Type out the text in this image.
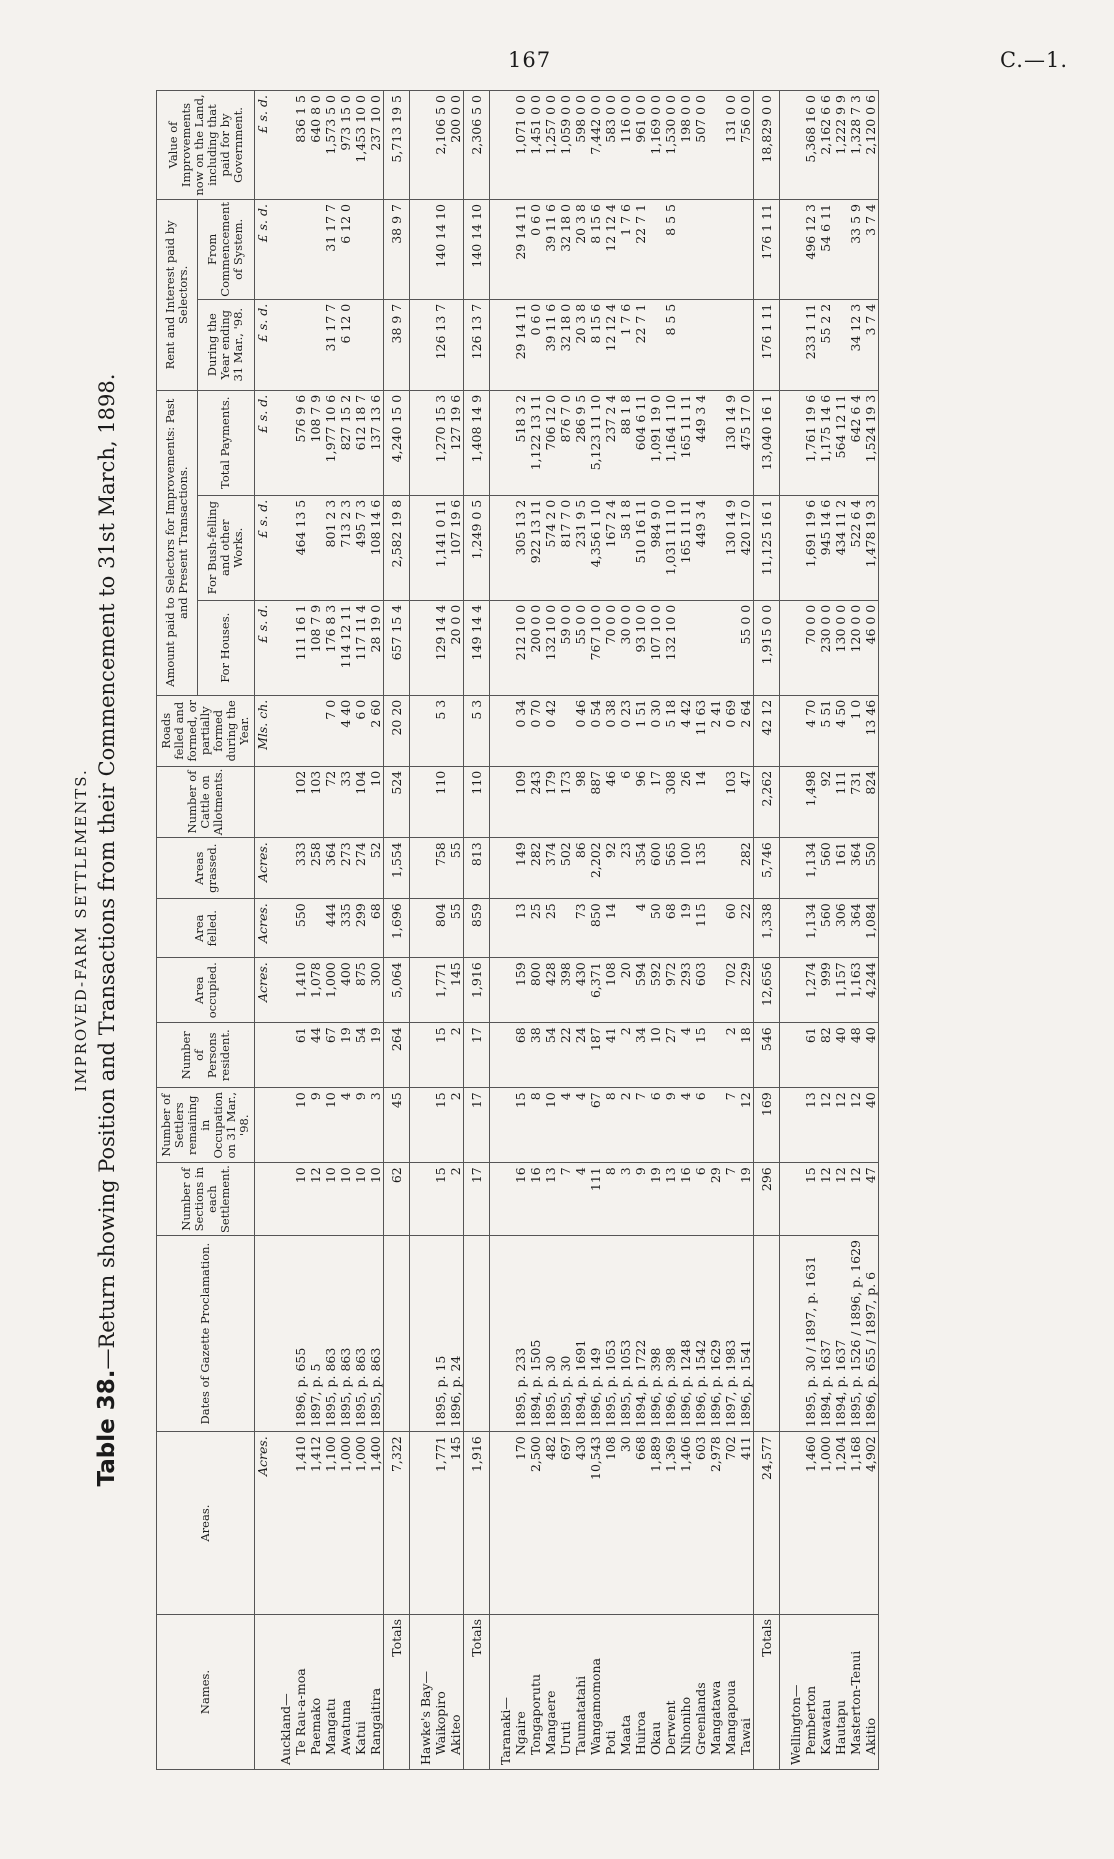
167	C.—1.
IMPROVED-FARM SETTLEMENTS.
Table 38.—Return showing Position and Transactions from their Commencement to 31st March, 1898.
Names.	Areas.	Dates of Gazette Proclamation.	Number of Sections in each Settlement.	Number of Settlers remaining in Occupation on 31 Mar., '98.	Number of Persons resident.	Area occupied.	Area felled.	Areas grassed.	Number of Cattle on Allotments.	Roads felled and formed, or partially formed during the Year.	Amount paid to Selectors for Improvements: Past and Present Transactions.			Rent and Interest paid by Selectors.		Value of Improvements now on the Land, including that paid for by Government.
											For Houses.	For Bush-felling and other Works.	Total Payments.	During the Year ending 31 Mar., '98.	From Commencement of System.	
	Acres.					Acres.	Acres.	Acres.		Mls. ch.	£ s. d.	£ s. d.	£ s. d.	£ s. d.	£ s. d.	£ s. d.
Auckland—																
Te Rau-a-moa	1,410	1896, p. 655	10	10	61	1,410	550	333	102		111 16 1	464 13 5	576 9 6			836 1 5
Paemako	1,412	1897, p. 5	12	9	44	1,078		258	103		108 7 9		108 7 9			640 8 0
Mangatu	1,100	1895, p. 863	10	10	67	1,000	444	364	72	7 0	176 8 3	801 2 3	1,977 10 6	31 17 7	31 17 7	1,573 5 0
Awatuna	1,000	1895, p. 863	10	4	19	400	335	273	33	4 40	114 12 11	713 2 3	827 15 2	6 12 0	6 12 0	973 15 0
Katui	1,000	1895, p. 863	10	9	54	875	299	274	104	6 0	117 11 4	495 7 3	612 18 7			1,453 10 0
Rangaitira	1,400	1895, p. 863	10	3	19	300	68	52	10	2 60	28 19 0	108 14 6	137 13 6			237 10 0
Totals	7,322		62	45	264	5,064	1,696	1,554	524	20 20	657 15 4	2,582 19 8	4,240 15 0	38 9 7	38 9 7	5,713 19 5
Hawke's Bay—																
Waikopiro	1,771	1895, p. 15	15	15	15	1,771	804	758	110	5 3	129 14 4	1,141 0 11	1,270 15 3	126 13 7	140 14 10	2,106 5 0
Akiteo	145	1896, p. 24	2	2	2	145	55	55			20 0 0	107 19 6	127 19 6			200 0 0
Totals	1,916		17	17	17	1,916	859	813	110	5 3	149 14 4	1,249 0 5	1,408 14 9	126 13 7	140 14 10	2,306 5 0
Taranaki—																
Ngaire	170	1895, p. 233	16	15	68	159	13	149	109	0 34	212 10 0	305 13 2	518 3 2	29 14 11	29 14 11	1,071 0 0
Tongaporutu	2,500	1894, p. 1505	16	8	38	800	25	282	243	0 70	200 0 0	922 13 11	1,122 13 11	0 6 0	0 6 0	1,451 0 0
Mangaere	482	1895, p. 30	13	10	54	428	25	374	179	0 42	132 10 0	574 2 0	706 12 0	39 11 6	39 11 6	1,257 0 0
Uruti	697	1895, p. 30	7	4	22	398		502	173		59 0 0	817 7 0	876 7 0	32 18 0	32 18 0	1,059 0 0
Taumatatahi	430	1894, p. 1691	4	4	24	430	73	86	98	0 46	55 0 0	231 9 5	286 9 5	20 3 8	20 3 8	598 0 0
Wangamomona	10,543	1896, p. 149	111	67	187	6,371	850	2,202	887	0 54	767 10 0	4,356 1 10	5,123 11 10	8 15 6	8 15 6	7,442 0 0
Poti	108	1895, p. 1053	8	8	41	108	14	92	46	0 38	70 0 0	167 2 4	237 2 4	12 12 4	12 12 4	583 0 0
Maata	30	1895, p. 1053	3	2	2	20		23	6	0 23	30 0 0	58 1 8	88 1 8	1 7 6	1 7 6	116 0 0
Huiroa	668	1894, p. 1722	9	7	34	594	4	354	96	1 51	93 10 0	510 16 11	604 6 11	22 7 1	22 7 1	961 0 0
Okau	1,889	1896, p. 398	19	6	10	592	50	600	17	0 30	107 10 0	984 9 0	1,091 19 0			1,169 0 0
Derwent	1,369	1896, p. 398	13	9	27	972	68	565	308	5 18	132 10 0	1,031 11 10	1,164 1 10	8 5 5	8 5 5	1,530 0 0
Nihoniho	1,406	1896, p. 1248	16	4	4	293	19	100	26	4 42		165 11 11	165 11 11			198 0 0
Greenlands	603	1896, p. 1542	6	6	15	603	115	135	14	11 63		449 3 4	449 3 4			507 0 0
Mangatawa	2,978	1896, p. 1629	29							2 41						
Mangapoua	702	1897, p. 1983	7	7	2	702	60		103	0 69		130 14 9	130 14 9			131 0 0
Tawai	411	1896, p. 1541	19	12	18	229	22	282	47	2 64	55 0 0	420 17 0	475 17 0			756 0 0
Totals	24,577		296	169	546	12,656	1,338	5,746	2,262	42 12	1,915 0 0	11,125 16 1	13,040 16 1	176 1 11	176 1 11	18,829 0 0
Wellington—																
Pemberton	1,460	1895, p. 30 / 1897, p. 1631	15	13	61	1,274	1,134	1,134	1,498	4 70	70 0 0	1,691 19 6	1,761 19 6	233 1 11	496 12 3	5,368 16 0
Kawatau	1,000	1894, p. 1637	12	12	82	999	560	560	92	5 51	230 0 0	945 14 6	1,175 14 6	55 2 2	54 6 11	2,162 6 6
Hautapu	1,204	1894, p. 1637	12	12	40	1,157	306	161	111	4 50	130 0 0	434 11 2	564 12 11			1,222 9 9
Masterton-Tenui	1,168	1895, p. 1526 / 1896, p. 1629	12	12	48	1,163	364	364	731	1 0	120 0 0	522 6 4	642 6 4	34 12 3	33 5 9	1,328 7 3
Akitio	4,902	1896, p. 655 / 1897, p. 6	47	40	40	4,244	1,084	550	824	13 46	46 0 0	1,478 19 3	1,524 19 3	3 7 4	3 7 4	2,120 0 6
